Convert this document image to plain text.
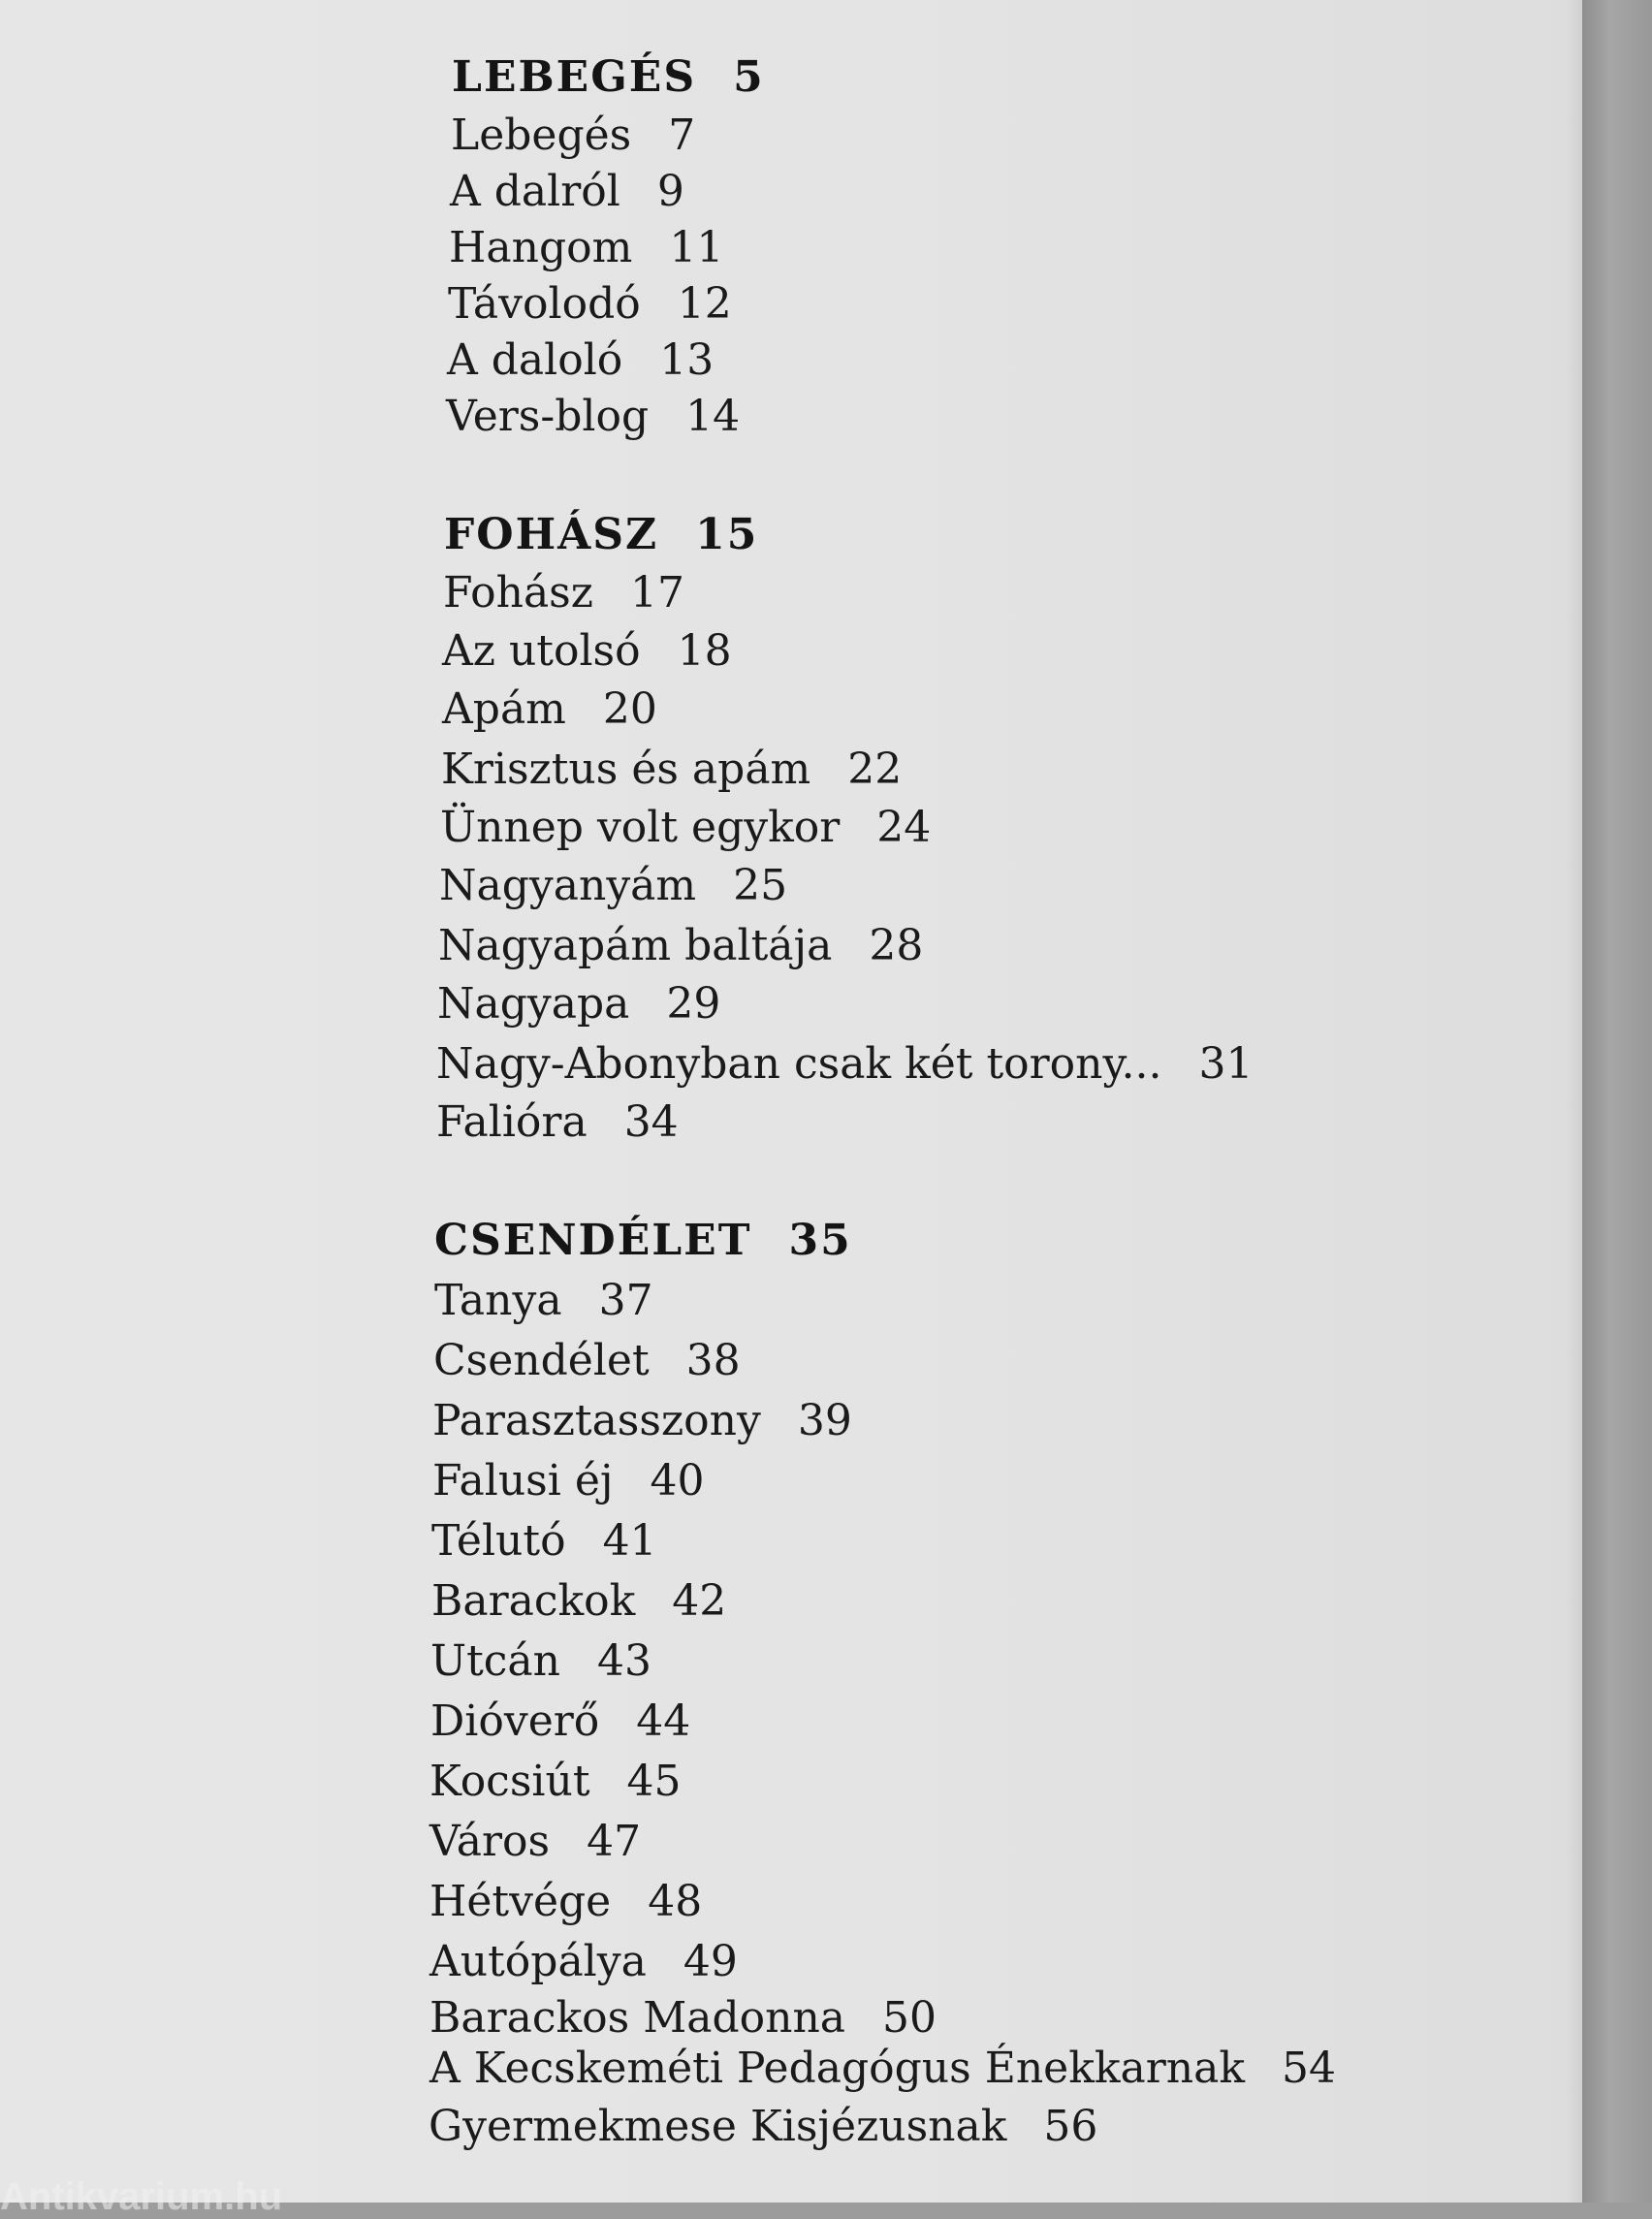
LEBEGÉS 5
Lebegés 7
A dalról 9
Hangom 11
Távolodó 12
A daloló 13
Vers-blog 14
FOHÁSZ 15
Fohász 17
Az utolsó 18
Apám 20
Krisztus és apám 22
Ünnep volt egykor 24
Nagyanyám 25
Nagyapám baltája 28
Nagyapa 29
Nagy-Abonyban csak két torony... 31
Falióra 34
CSENDÉLET 35
Tanya 37
Csendélet 38
Parasztasszony 39
Falusi éj 40
Télutó 41
Barackok 42
Utcán 43
Dióverő 44
Kocsiút 45
Város 47
Hétvége 48
Autópálya 49
Barackos Madonna 50
A Kecskeméti Pedagógus Énekkarnak 54
Gyermekmese Kisjézusnak 56
Antikvarium.hu
